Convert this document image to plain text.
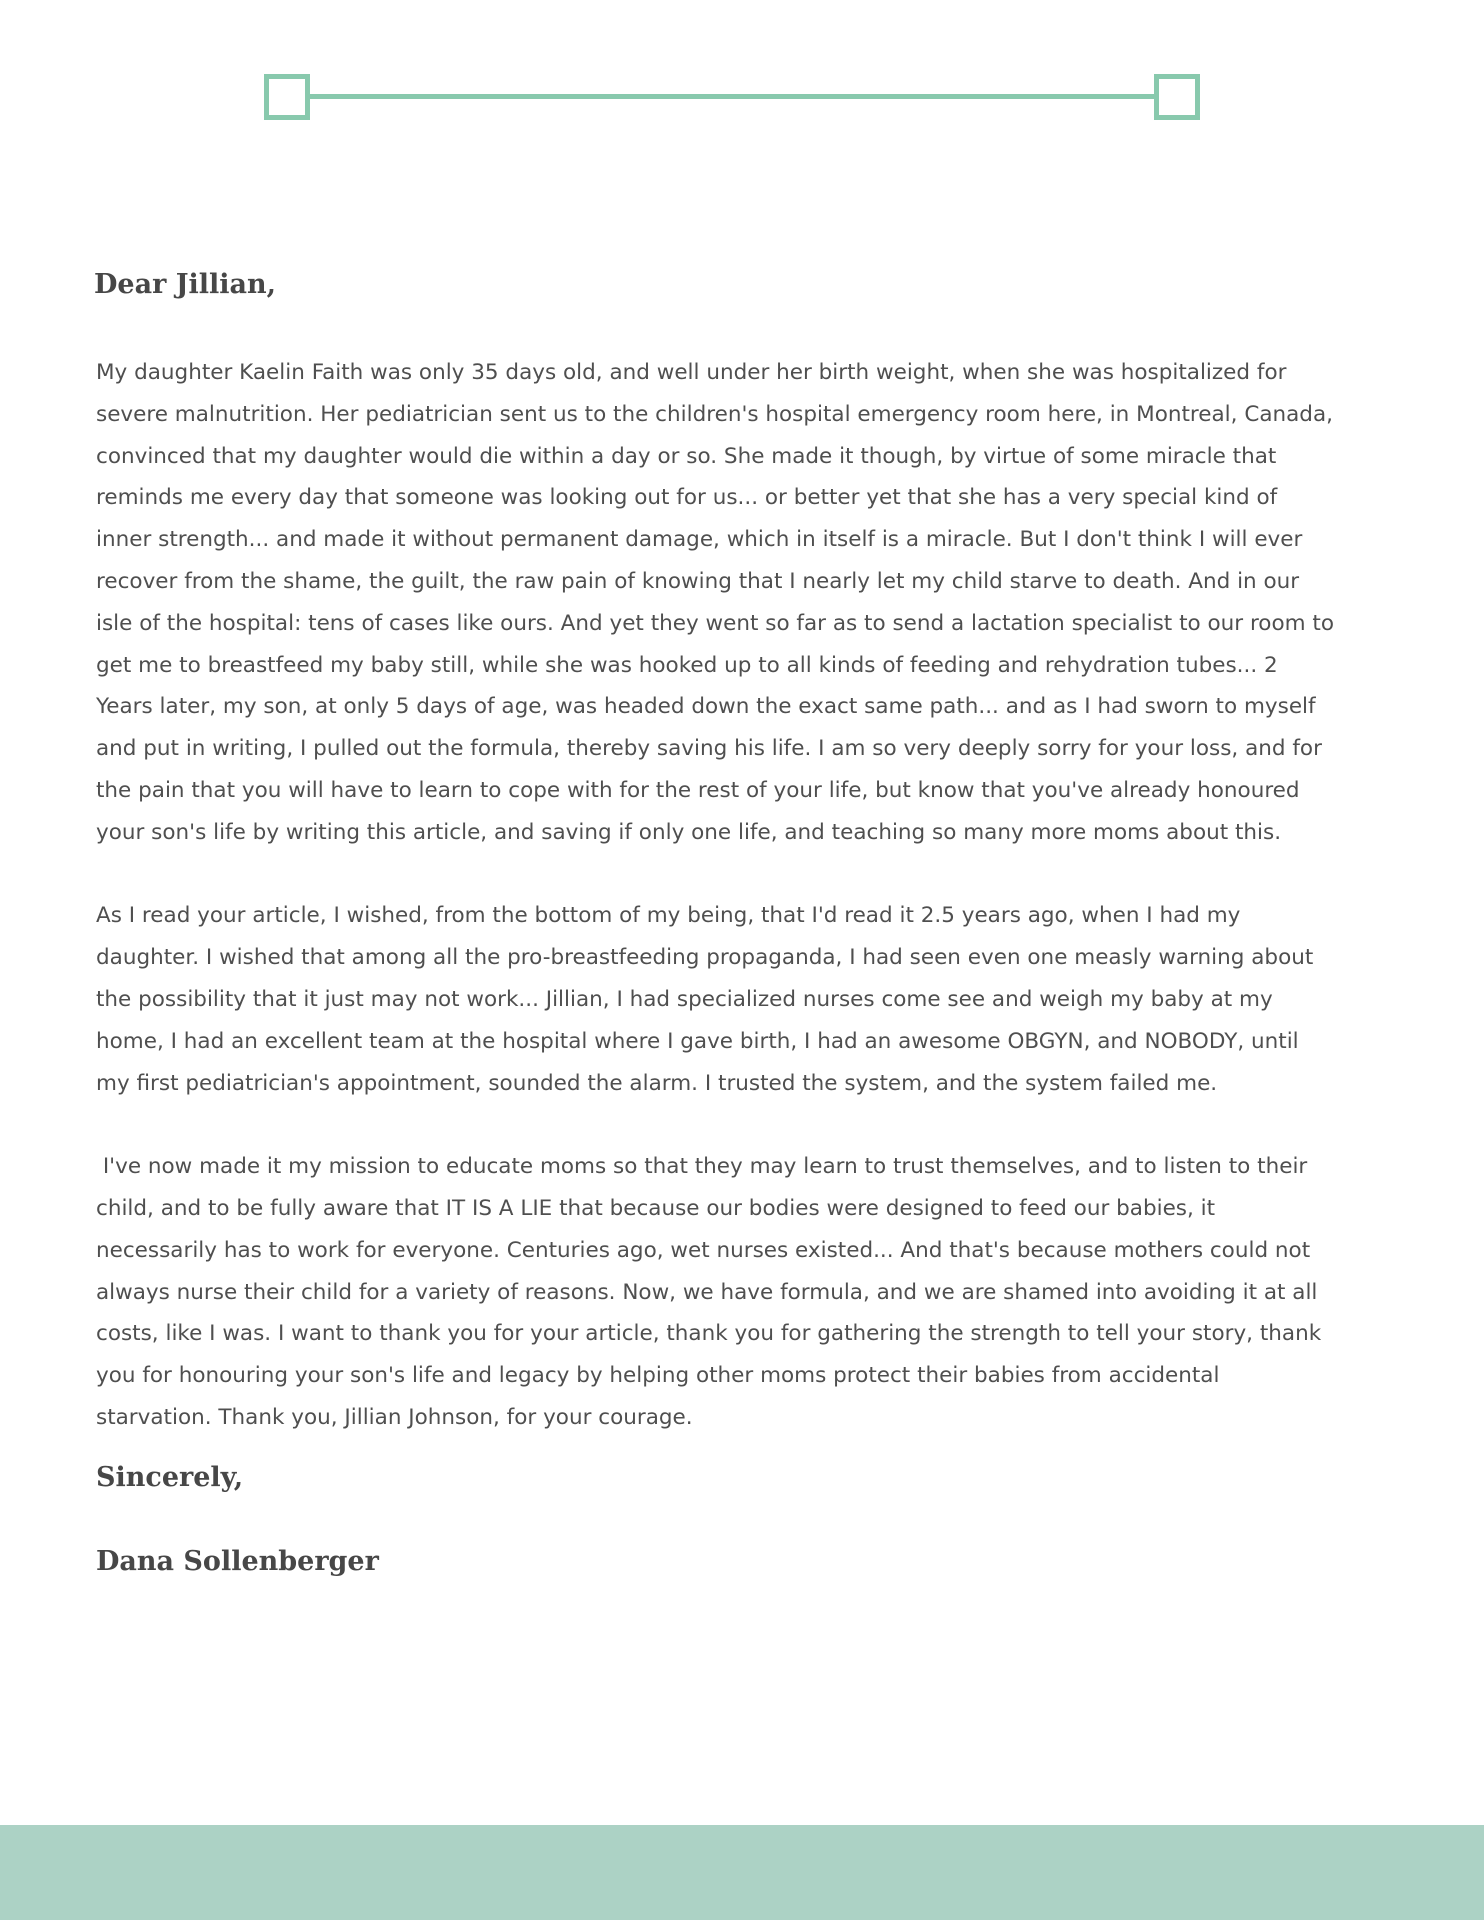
Dear Jillian,

My daughter Kaelin Faith was only 35 days old, and well under her birth weight, when she was hospitalized for severe malnutrition. Her pediatrician sent us to the children's hospital emergency room here, in Montreal, Canada, convinced that my daughter would die within a day or so. She made it though, by virtue of some miracle that reminds me every day that someone was looking out for us... or better yet that she has a very special kind of inner strength... and made it without permanent damage, which in itself is a miracle. But I don't think I will ever recover from the shame, the guilt, the raw pain of knowing that I nearly let my child starve to death. And in our isle of the hospital: tens of cases like ours. And yet they went so far as to send a lactation specialist to our room to get me to breastfeed my baby still, while she was hooked up to all kinds of feeding and rehydration tubes... 2 Years later, my son, at only 5 days of age, was headed down the exact same path... and as I had sworn to myself and put in writing, I pulled out the formula, thereby saving his life. I am so very deeply sorry for your loss, and for the pain that you will have to learn to cope with for the rest of your life, but know that you've already honoured your son's life by writing this article, and saving if only one life, and teaching so many more moms about this.

As I read your article, I wished, from the bottom of my being, that I'd read it 2.5 years ago, when I had my daughter. I wished that among all the pro-breastfeeding propaganda, I had seen even one measly warning about the possibility that it just may not work... Jillian, I had specialized nurses come see and weigh my baby at my home, I had an excellent team at the hospital where I gave birth, I had an awesome OBGYN, and NOBODY, until my first pediatrician's appointment, sounded the alarm. I trusted the system, and the system failed me.

I've now made it my mission to educate moms so that they may learn to trust themselves, and to listen to their child, and to be fully aware that IT IS A LIE that because our bodies were designed to feed our babies, it necessarily has to work for everyone. Centuries ago, wet nurses existed... And that's because mothers could not always nurse their child for a variety of reasons. Now, we have formula, and we are shamed into avoiding it at all costs, like I was. I want to thank you for your article, thank you for gathering the strength to tell your story, thank you for honouring your son's life and legacy by helping other moms protect their babies from accidental starvation. Thank you, Jillian Johnson, for your courage.

Sincerely,
Dana Sollenberger
